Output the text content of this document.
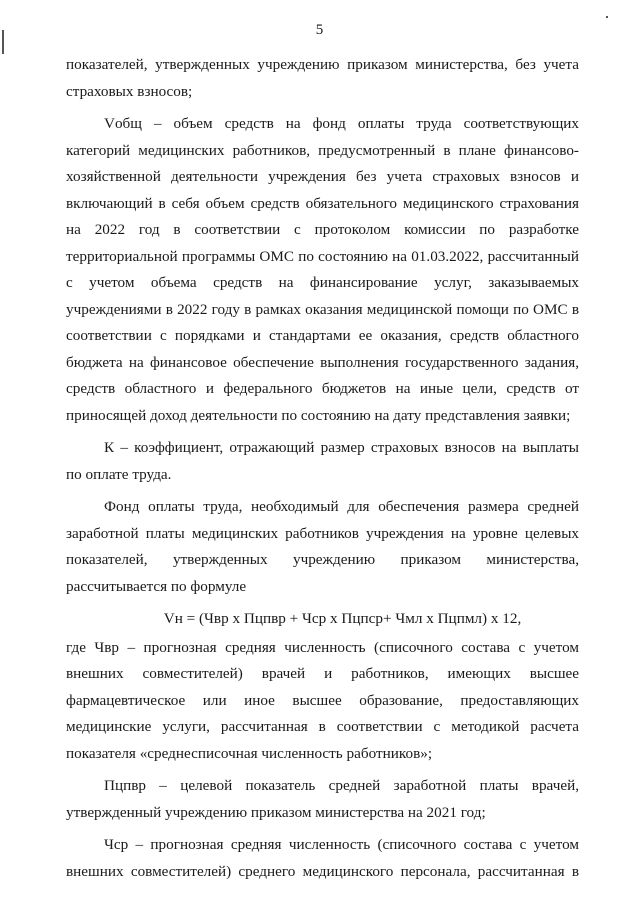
5

показателей, утвержденных учреждению приказом министерства, без учета страховых взносов;

Vобщ – объем средств на фонд оплаты труда соответствующих категорий медицинских работников, предусмотренный в плане финансово-хозяйственной деятельности учреждения без учета страховых взносов и включающий в себя объем средств обязательного медицинского страхования на 2022 год в соответствии с протоколом комиссии по разработке территориальной программы ОМС по состоянию на 01.03.2022, рассчитанный с учетом объема средств на финансирование услуг, заказываемых учреждениями в 2022 году в рамках оказания медицинской помощи по ОМС в соответствии с порядками и стандартами ее оказания, средств областного бюджета на финансовое обеспечение выполнения государственного задания, средств областного и федерального бюджетов на иные цели, средств от приносящей доход деятельности по состоянию на дату представления заявки;

К – коэффициент, отражающий размер страховых взносов на выплаты по оплате труда.

Фонд оплаты труда, необходимый для обеспечения размера средней заработной платы медицинских работников учреждения на уровне целевых показателей, утвержденных учреждению приказом министерства, рассчитывается по формуле

Vн = (Чвр х Пцпвр + Чср х Пцпср+ Чмл х Пцпмл) х 12,

где Чвр – прогнозная средняя численность (списочного состава с учетом внешних совместителей) врачей и работников, имеющих высшее фармацевтическое или иное высшее образование, предоставляющих медицинские услуги, рассчитанная в соответствии с методикой расчета показателя «среднесписочная численность работников»;

Пцпвр – целевой показатель средней заработной платы врачей, утвержденный учреждению приказом министерства на 2021 год;

Чср – прогнозная средняя численность (списочного состава с учетом внешних совместителей) среднего медицинского персонала, рассчитанная в
